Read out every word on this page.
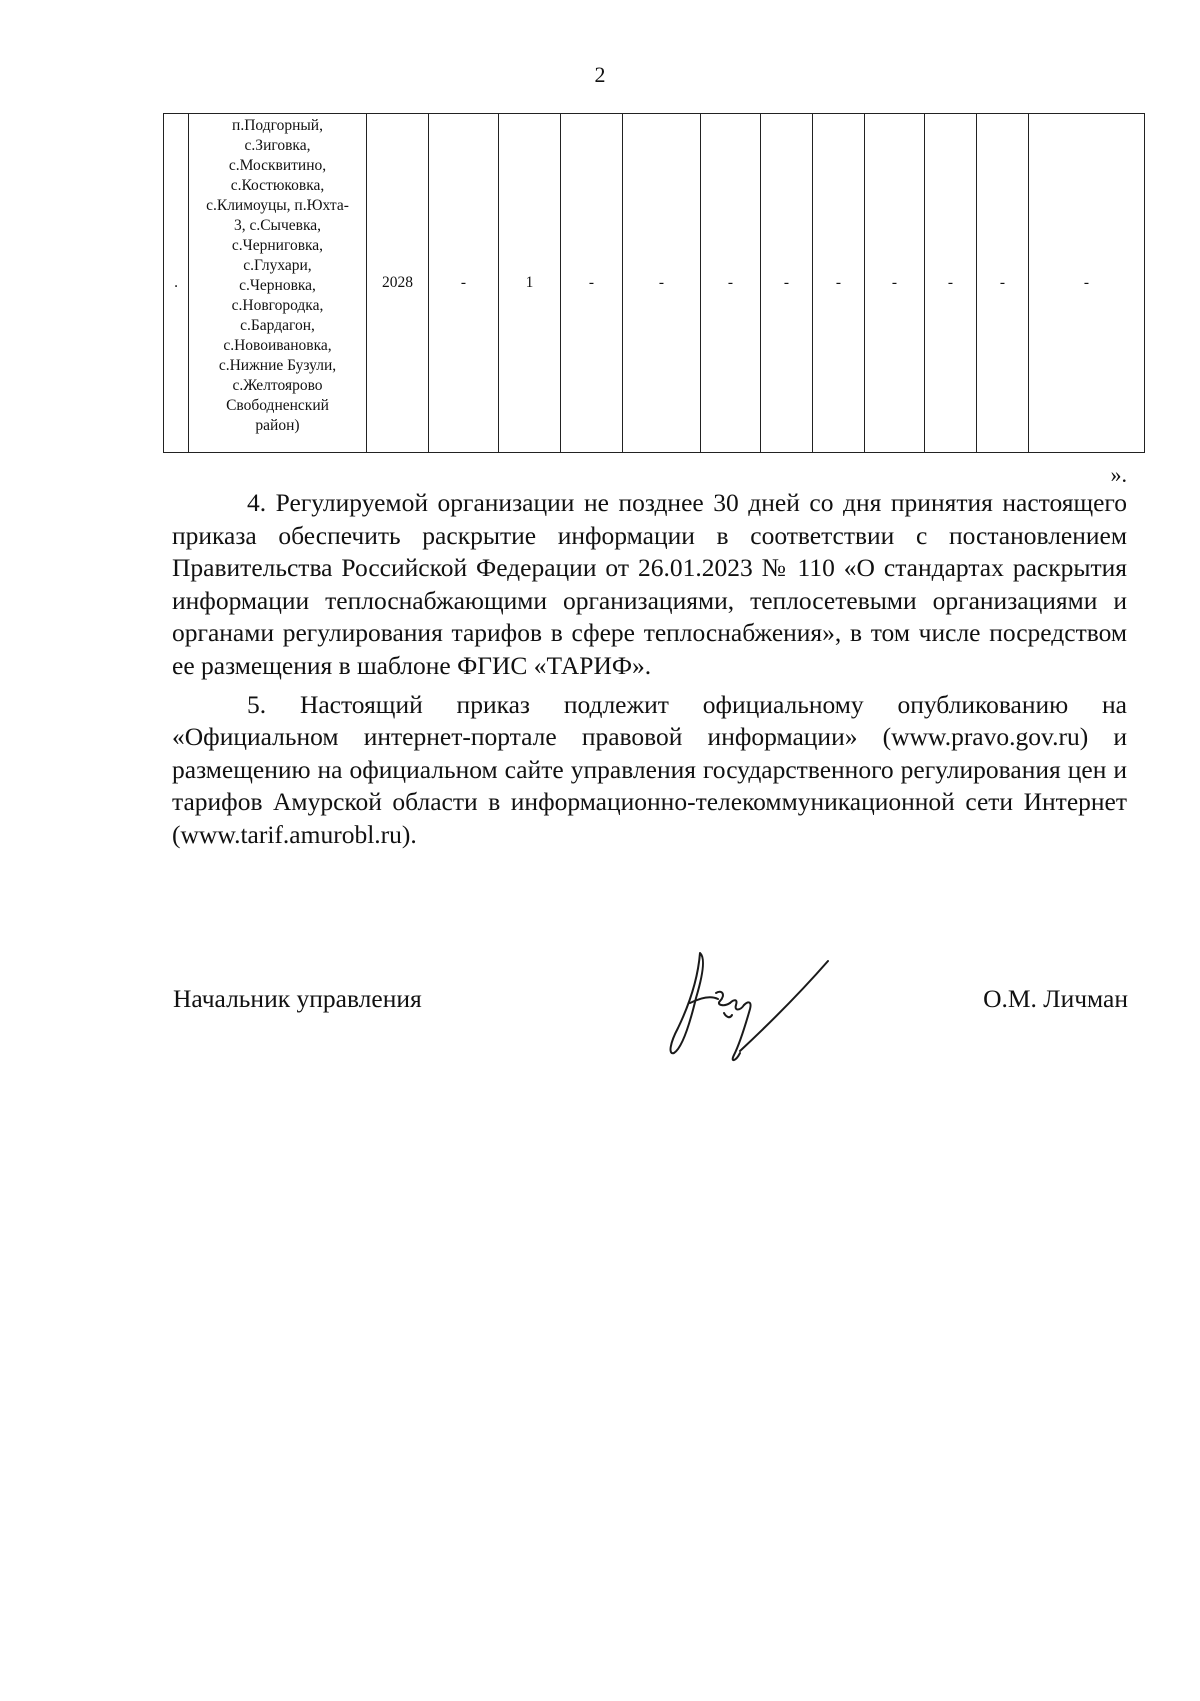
2
.	
п.Подгорный,
с.Зиговка,
с.Москвитино,
с.Костюковка,
с.Климоуцы, п.Юхта-
3, с.Сычевка,
с.Черниговка,
с.Глухари,
с.Черновка,
с.Новгородка,
с.Бардагон,
с.Новоивановка,
с.Нижние Бузули,
с.Желтоярово
Свободненский
район)
	2028	-	1	-	-	-	-	-	-	-	-	-
».

4. Регулируемой организации не позднее 30 дней со дня принятия настоящего приказа обеспечить раскрытие информации в соответствии с постановлением Правительства Российской Федерации от 26.01.2023 № 110 «О стандартах раскрытия информации теплоснабжающими организациями, теплосетевыми организациями и органами регулирования тарифов в сфере теплоснабжения», в том числе посредством ее размещения в шаблоне ФГИС «ТАРИФ».

5. Настоящий приказ подлежит официальному опубликованию на «Официальном интернет-портале правовой информации» (www.pravo.gov.ru) и размещению на официальном сайте управления государственного регулирования цен и тарифов Амурской области в информационно-телекоммуникационной сети Интернет (www.tarif.amurobl.ru).

Начальник управления	О.М. Личман
